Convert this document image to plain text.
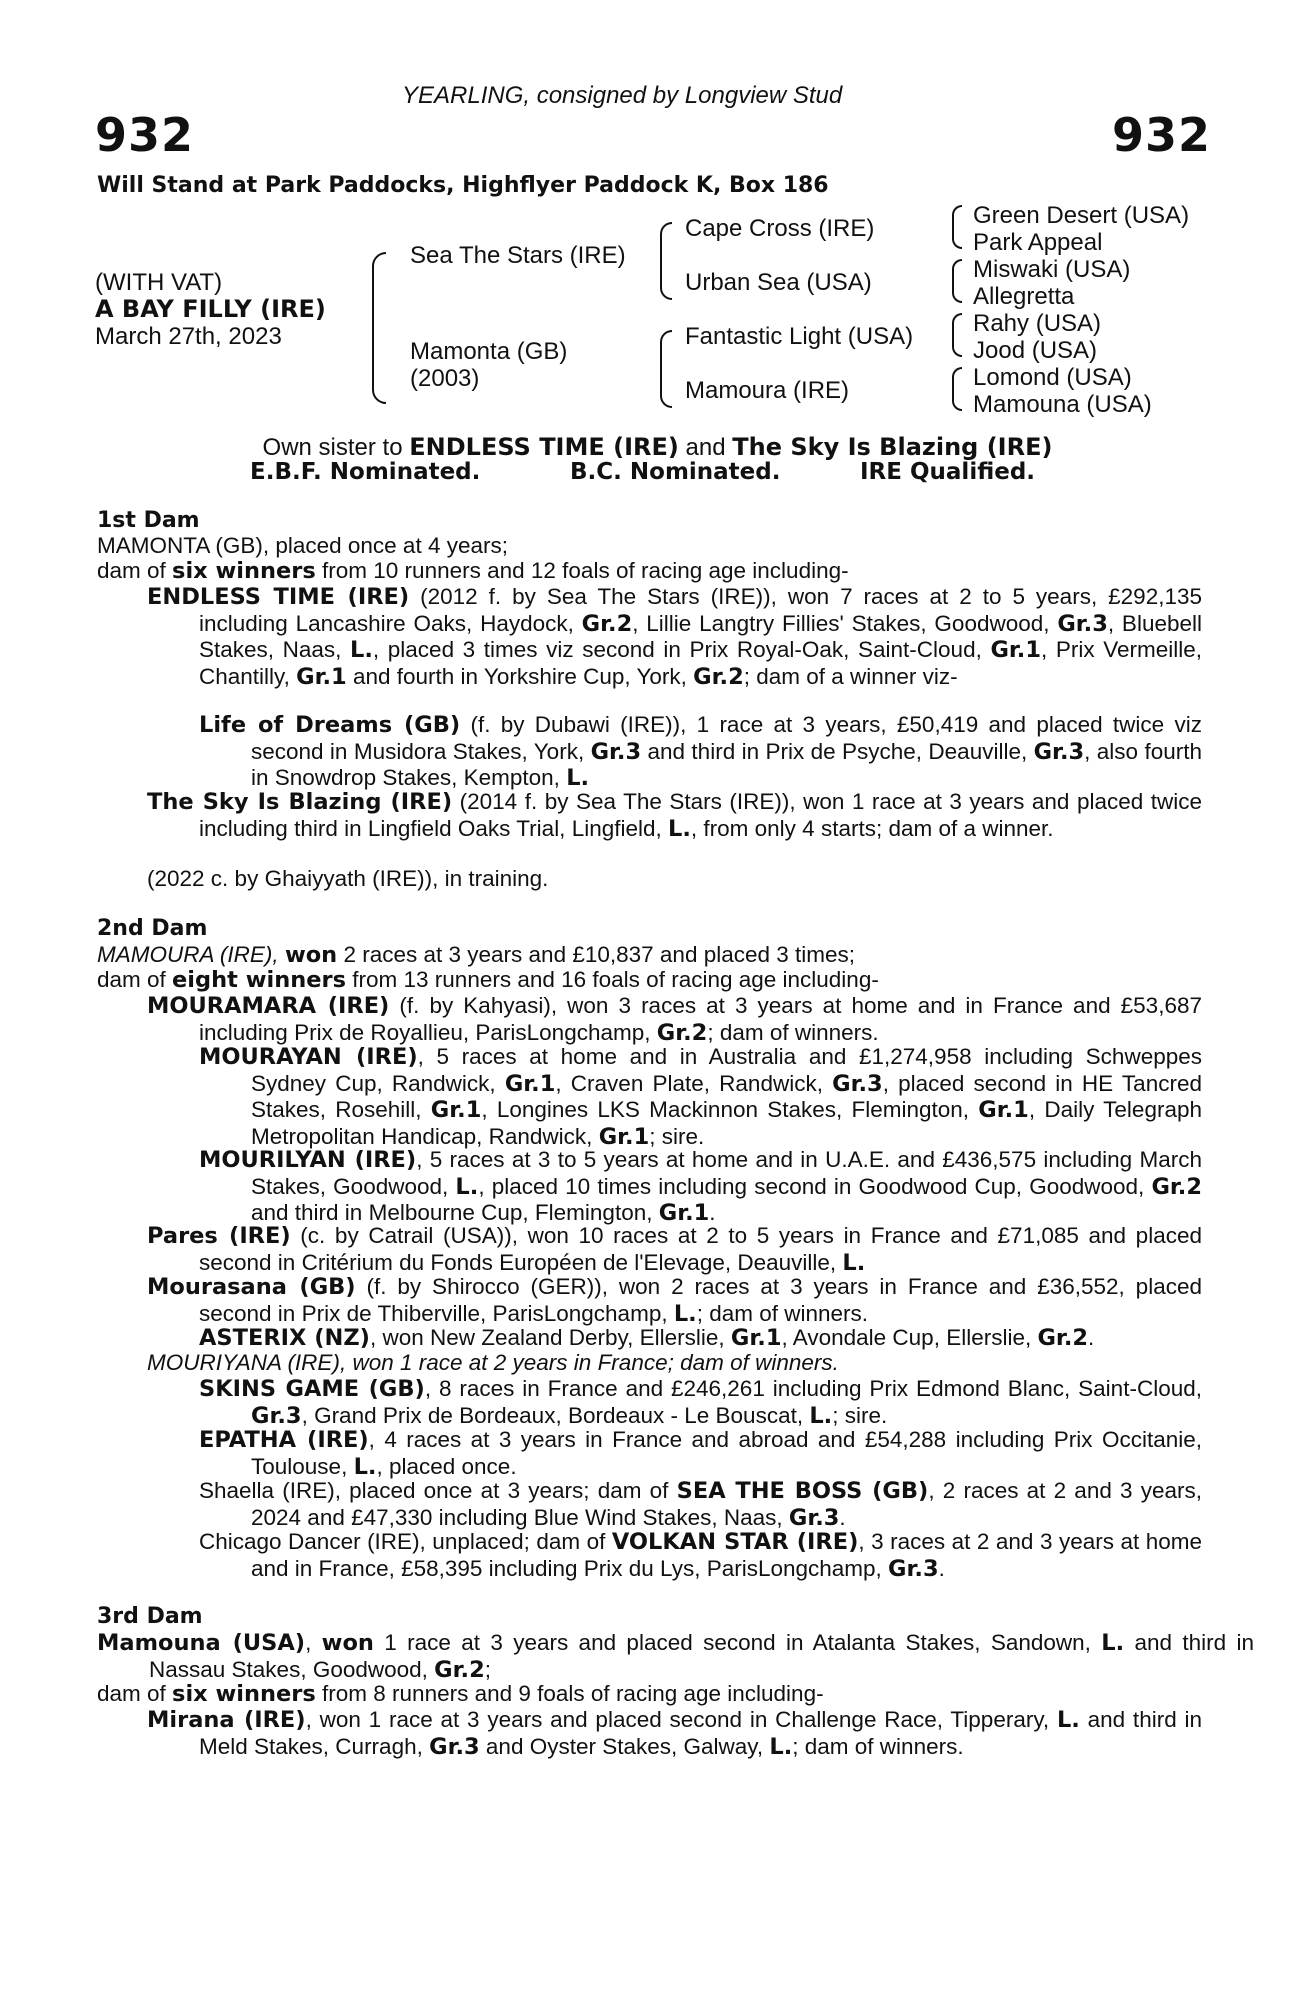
YEARLING, consigned by Longview Stud
932	932
Will Stand at Park Paddocks, Highflyer Paddock K, Box 186
(WITH VAT)
A BAY FILLY (IRE)
March 27th, 2023
Sea The Stars (IRE)
Mamonta (GB)
(2003)
Cape Cross (IRE)
Urban Sea (USA)
Fantastic Light (USA)
Mamoura (IRE)
Green Desert (USA)
Park Appeal
Miswaki (USA)
Allegretta
Rahy (USA)
Jood (USA)
Lomond (USA)
Mamouna (USA)
Own sister to ENDLESS TIME (IRE) and The Sky Is Blazing (IRE)
E.B.F. Nominated.	B.C. Nominated.	IRE Qualified.
1st Dam
MAMONTA (GB), placed once at 4 years;
dam of six winners from 10 runners and 12 foals of racing age including-
ENDLESS TIME (IRE) (2012 f. by Sea The Stars (IRE)), won 7 races at 2 to 5 years, £292,135 including Lancashire Oaks, Haydock, Gr.2, Lillie Langtry Fillies' Stakes, Goodwood, Gr.3, Bluebell Stakes, Naas, L., placed 3 times viz second in Prix Royal-Oak, Saint-Cloud, Gr.1, Prix Vermeille, Chantilly, Gr.1 and fourth in Yorkshire Cup, York, Gr.2; dam of a winner viz-
Life of Dreams (GB) (f. by Dubawi (IRE)), 1 race at 3 years, £50,419 and placed twice viz second in Musidora Stakes, York, Gr.3 and third in Prix de Psyche, Deauville, Gr.3, also fourth in Snowdrop Stakes, Kempton, L.
The Sky Is Blazing (IRE) (2014 f. by Sea The Stars (IRE)), won 1 race at 3 years and placed twice including third in Lingfield Oaks Trial, Lingfield, L., from only 4 starts; dam of a winner.
(2022 c. by Ghaiyyath (IRE)), in training.
2nd Dam
MAMOURA (IRE), won 2 races at 3 years and £10,837 and placed 3 times;
dam of eight winners from 13 runners and 16 foals of racing age including-
MOURAMARA (IRE) (f. by Kahyasi), won 3 races at 3 years at home and in France and £53,687 including Prix de Royallieu, ParisLongchamp, Gr.2; dam of winners.
MOURAYAN (IRE), 5 races at home and in Australia and £1,274,958 including Schweppes Sydney Cup, Randwick, Gr.1, Craven Plate, Randwick, Gr.3, placed second in HE Tancred Stakes, Rosehill, Gr.1, Longines LKS Mackinnon Stakes, Flemington, Gr.1, Daily Telegraph Metropolitan Handicap, Randwick, Gr.1; sire.
MOURILYAN (IRE), 5 races at 3 to 5 years at home and in U.A.E. and £436,575 including March Stakes, Goodwood, L., placed 10 times including second in Goodwood Cup, Goodwood, Gr.2 and third in Melbourne Cup, Flemington, Gr.1.
Pares (IRE) (c. by Catrail (USA)), won 10 races at 2 to 5 years in France and £71,085 and placed second in Critérium du Fonds Européen de l'Elevage, Deauville, L.
Mourasana (GB) (f. by Shirocco (GER)), won 2 races at 3 years in France and £36,552, placed second in Prix de Thiberville, ParisLongchamp, L.; dam of winners.
ASTERIX (NZ), won New Zealand Derby, Ellerslie, Gr.1, Avondale Cup, Ellerslie, Gr.2.
MOURIYANA (IRE), won 1 race at 2 years in France; dam of winners.
SKINS GAME (GB), 8 races in France and £246,261 including Prix Edmond Blanc, Saint-Cloud, Gr.3, Grand Prix de Bordeaux, Bordeaux - Le Bouscat, L.; sire.
EPATHA (IRE), 4 races at 3 years in France and abroad and £54,288 including Prix Occitanie, Toulouse, L., placed once.
Shaella (IRE), placed once at 3 years; dam of SEA THE BOSS (GB), 2 races at 2 and 3 years, 2024 and £47,330 including Blue Wind Stakes, Naas, Gr.3.
Chicago Dancer (IRE), unplaced; dam of VOLKAN STAR (IRE), 3 races at 2 and 3 years at home and in France, £58,395 including Prix du Lys, ParisLongchamp, Gr.3.
3rd Dam
Mamouna (USA), won 1 race at 3 years and placed second in Atalanta Stakes, Sandown, L. and third in Nassau Stakes, Goodwood, Gr.2;
dam of six winners from 8 runners and 9 foals of racing age including-
Mirana (IRE), won 1 race at 3 years and placed second in Challenge Race, Tipperary, L. and third in Meld Stakes, Curragh, Gr.3 and Oyster Stakes, Galway, L.; dam of winners.
